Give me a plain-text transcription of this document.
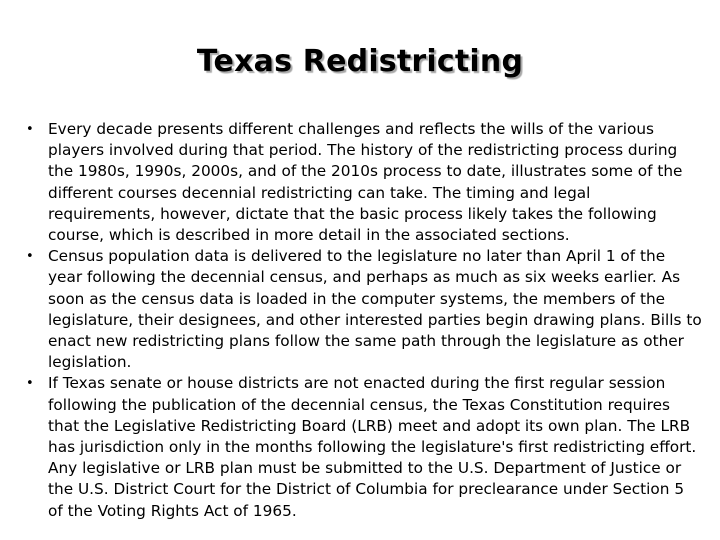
Texas Redistricting
• Every decade presents different challenges and reflects the wills of the various players involved during that period. The history of the redistricting process during the 1980s, 1990s, 2000s, and of the 2010s process to date, illustrates some of the different courses decennial redistricting can take. The timing and legal requirements, however, dictate that the basic process likely takes the following course, which is described in more detail in the associated sections.
• Census population data is delivered to the legislature no later than April 1 of the year following the decennial census, and perhaps as much as six weeks earlier. As soon as the census data is loaded in the computer systems, the members of the legislature, their designees, and other interested parties begin drawing plans. Bills to enact new redistricting plans follow the same path through the legislature as other legislation.
• If Texas senate or house districts are not enacted during the first regular session following the publication of the decennial census, the Texas Constitution requires that the Legislative Redistricting Board (LRB) meet and adopt its own plan. The LRB has jurisdiction only in the months following the legislature's first redistricting effort. Any legislative or LRB plan must be submitted to the U.S. Department of Justice or the U.S. District Court for the District of Columbia for preclearance under Section 5 of the Voting Rights Act of 1965.
